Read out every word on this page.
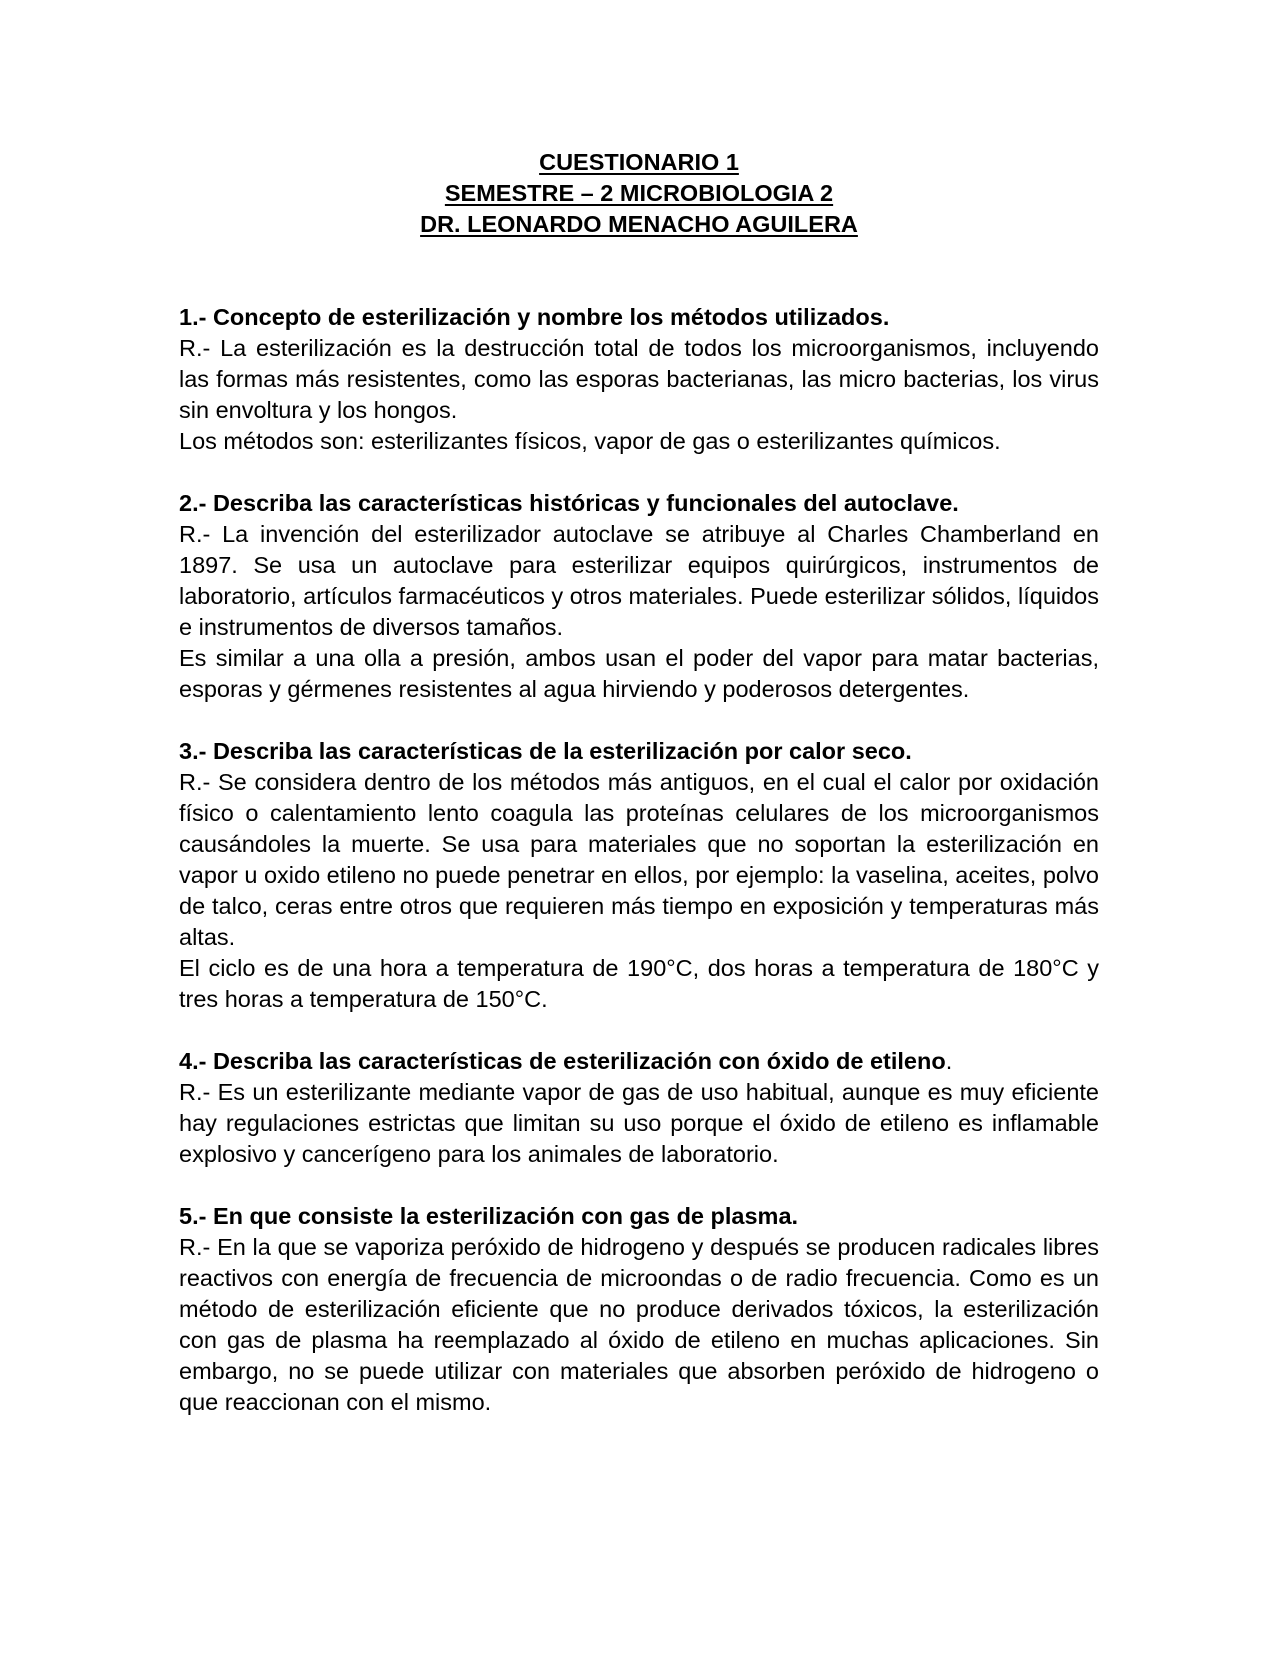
CUESTIONARIO 1
SEMESTRE – 2 MICROBIOLOGIA 2
DR. LEONARDO MENACHO AGUILERA

1.- Concepto de esterilización y nombre los métodos utilizados.

R.- La esterilización es la destrucción total de todos los microorganismos, incluyendo las formas más resistentes, como las esporas bacterianas, las micro bacterias, los virus sin envoltura y los hongos.

Los métodos son: esterilizantes físicos, vapor de gas o esterilizantes químicos.

2.- Describa las características históricas y funcionales del autoclave.

R.- La invención del esterilizador autoclave se atribuye al Charles Chamberland en 1897. Se usa un autoclave para esterilizar equipos quirúrgicos, instrumentos de laboratorio, artículos farmacéuticos y otros materiales. Puede esterilizar sólidos, líquidos e instrumentos de diversos tamaños.

Es similar a una olla a presión, ambos usan el poder del vapor para matar bacterias, esporas y gérmenes resistentes al agua hirviendo y poderosos detergentes.

3.- Describa las características de la esterilización por calor seco.

R.- Se considera dentro de los métodos más antiguos, en el cual el calor por oxidación físico o calentamiento lento coagula las proteínas celulares de los microorganismos causándoles la muerte. Se usa para materiales que no soportan la esterilización en vapor u oxido etileno no puede penetrar en ellos, por ejemplo: la vaselina, aceites, polvo de talco, ceras entre otros que requieren más tiempo en exposición y temperaturas más altas.

El ciclo es de una hora a temperatura de 190°C, dos horas a temperatura de 180°C y tres horas a temperatura de 150°C.

4.- Describa las características de esterilización con óxido de etileno.

R.- Es un esterilizante mediante vapor de gas de uso habitual, aunque es muy eficiente hay regulaciones estrictas que limitan su uso porque el óxido de etileno es inflamable explosivo y cancerígeno para los animales de laboratorio.

5.- En que consiste la esterilización con gas de plasma.

R.- En la que se vaporiza peróxido de hidrogeno y después se producen radicales libres reactivos con energía de frecuencia de microondas o de radio frecuencia. Como es un método de esterilización eficiente que no produce derivados tóxicos, la esterilización con gas de plasma ha reemplazado al óxido de etileno en muchas aplicaciones. Sin embargo, no se puede utilizar con materiales que absorben peróxido de hidrogeno o que reaccionan con el mismo.
